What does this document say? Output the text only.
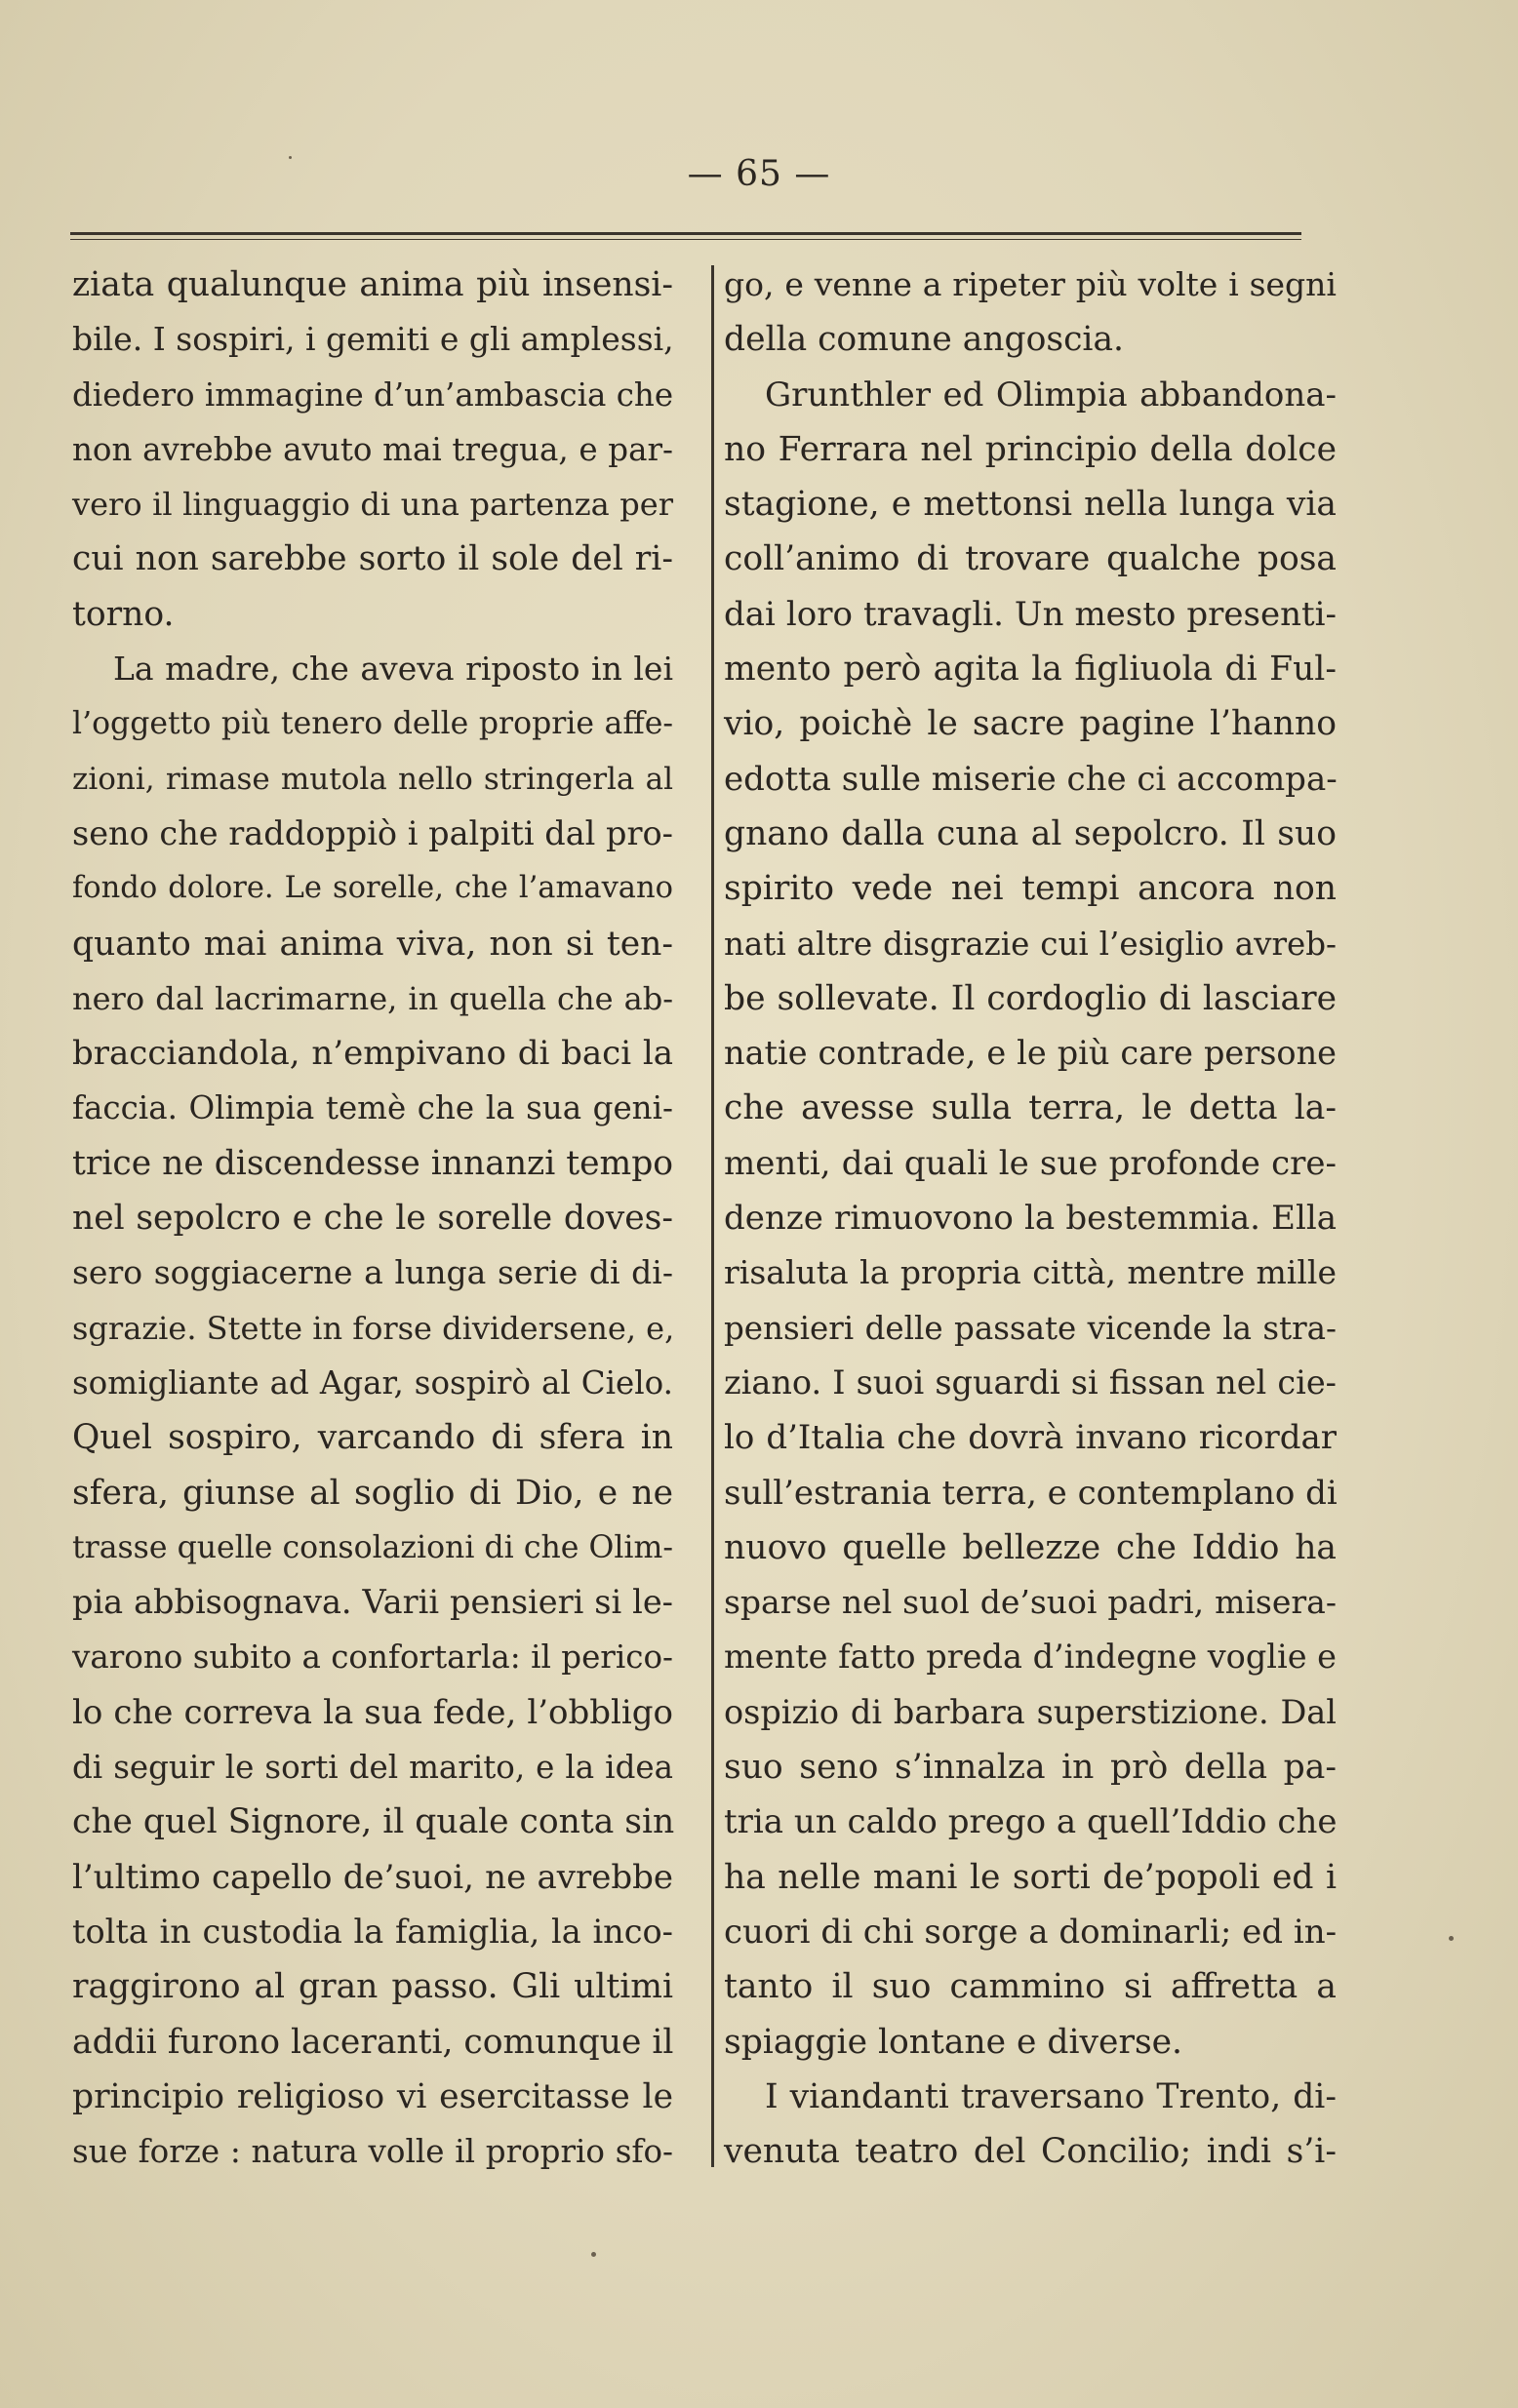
— 65 —
ziata qualunque anima più insensi-
bile. I sospiri, i gemiti e gli amplessi,
diedero immagine d’un’ambascia che
non avrebbe avuto mai tregua, e par-
vero il linguaggio di una partenza per
cui non sarebbe sorto il sole del ri-
torno.
La madre, che aveva riposto in lei
l’oggetto più tenero delle proprie affe-
zioni, rimase mutola nello stringerla al
seno che raddoppiò i palpiti dal pro-
fondo dolore. Le sorelle, che l’amavano
quanto mai anima viva, non si ten-
nero dal lacrimarne, in quella che ab-
bracciandola, n’empivano di baci la
faccia. Olimpia temè che la sua geni-
trice ne discendesse innanzi tempo
nel sepolcro e che le sorelle doves-
sero soggiacerne a lunga serie di di-
sgrazie. Stette in forse dividersene, e,
somigliante ad Agar, sospirò al Cielo.
Quel sospiro, varcando di sfera in
sfera, giunse al soglio di Dio, e ne
trasse quelle consolazioni di che Olim-
pia abbisognava. Varii pensieri si le-
varono subito a confortarla: il perico-
lo che correva la sua fede, l’obbligo
di seguir le sorti del marito, e la idea
che quel Signore, il quale conta sin
l’ultimo capello de’suoi, ne avrebbe
tolta in custodia la famiglia, la inco-
raggirono al gran passo. Gli ultimi
addii furono laceranti, comunque il
principio religioso vi esercitasse le
sue forze : natura volle il proprio sfo-
go, e venne a ripeter più volte i segni
della comune angoscia.
Grunthler ed Olimpia abbandona-
no Ferrara nel principio della dolce
stagione, e mettonsi nella lunga via
coll’animo di trovare qualche posa
dai loro travagli. Un mesto presenti-
mento però agita la figliuola di Ful-
vio, poichè le sacre pagine l’hanno
edotta sulle miserie che ci accompa-
gnano dalla cuna al sepolcro. Il suo
spirito vede nei tempi ancora non
nati altre disgrazie cui l’esiglio avreb-
be sollevate. Il cordoglio di lasciare
natie contrade, e le più care persone
che avesse sulla terra, le detta la-
menti, dai quali le sue profonde cre-
denze rimuovono la bestemmia. Ella
risaluta la propria città, mentre mille
pensieri delle passate vicende la stra-
ziano. I suoi sguardi si fissan nel cie-
lo d’Italia che dovrà invano ricordar
sull’estrania terra, e contemplano di
nuovo quelle bellezze che Iddio ha
sparse nel suol de’suoi padri, misera-
mente fatto preda d’indegne voglie e
ospizio di barbara superstizione. Dal
suo seno s’innalza in prò della pa-
tria un caldo prego a quell’Iddio che
ha nelle mani le sorti de’popoli ed i
cuori di chi sorge a dominarli; ed in-
tanto il suo cammino si affretta a
spiaggie lontane e diverse.
I viandanti traversano Trento, di-
venuta teatro del Concilio; indi s’i-
